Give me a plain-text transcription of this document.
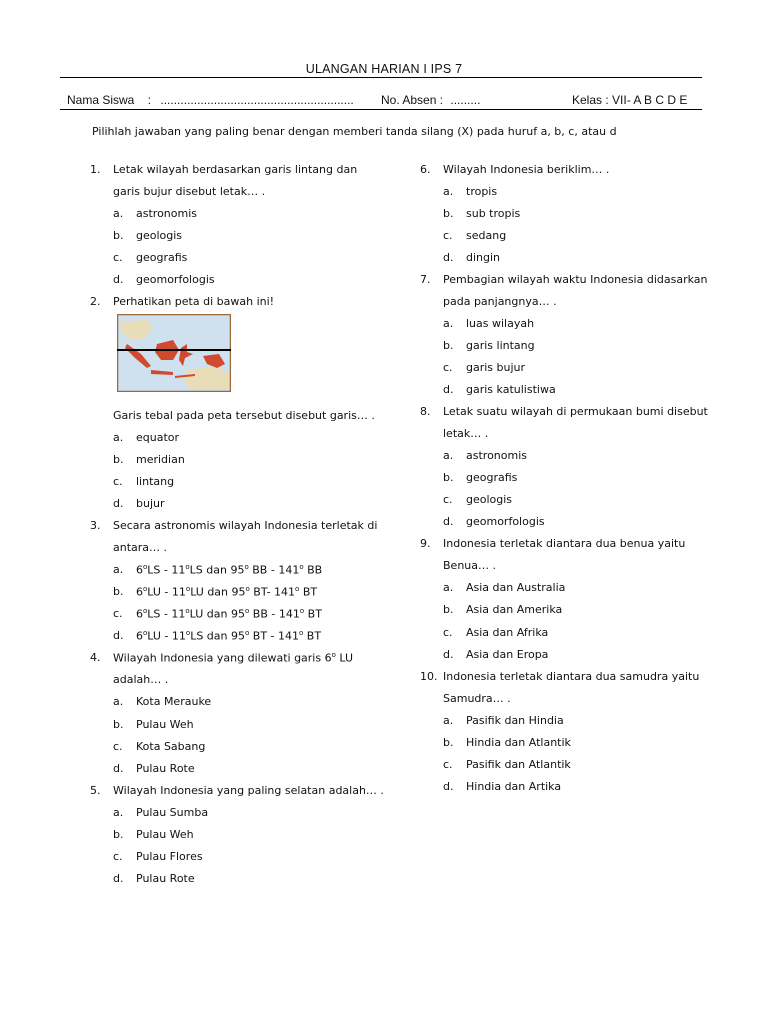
ULANGAN HARIAN I IPS 7
Nama Siswa : .......................................................... No. Absen : .........	Kelas : VII- A B C D E
Pilihlah jawaban yang paling benar dengan memberi tanda silang (X) pada huruf a, b, c, atau d
1.	Letak wilayah berdasarkan garis lintang dan
garis bujur disebut letak… .
a.	astronomis
b.	geologis
c.	geografis
d.	geomorfologis
2.	Perhatikan peta di bawah ini!
Garis tebal pada peta tersebut disebut garis… .
a.	equator
b.	meridian
c.	lintang
d.	bujur
3.	Secara astronomis wilayah Indonesia terletak di
antara… .
a.	6$^o$LS - 11$^o$LS dan 95$^o$ BB - 141$^o$ BB
b.	6$^o$LU - 11$^o$LU dan 95$^o$ BT- 141$^o$ BT
c.	6$^o$LS - 11$^o$LU dan 95$^o$ BB - 141$^o$ BT
d.	6$^o$LU - 11$^o$LS dan 95$^o$ BT - 141$^o$ BT
4.	Wilayah Indonesia yang dilewati garis 6$^o$ LU
adalah… .
a.	Kota Merauke
b.	Pulau Weh
c.	Kota Sabang
d.	Pulau Rote
5.	Wilayah Indonesia yang paling selatan adalah… .
a.	Pulau Sumba
b.	Pulau Weh
c.	Pulau Flores
d.	Pulau Rote
6.	Wilayah Indonesia beriklim… .
a.	tropis
b.	sub tropis
c.	sedang
d.	dingin
7.	Pembagian wilayah waktu Indonesia didasarkan
pada panjangnya… .
a.	luas wilayah
b.	garis lintang
c.	garis bujur
d.	garis katulistiwa
8.	Letak suatu wilayah di permukaan bumi disebut
letak… .
a.	astronomis
b.	geografis
c.	geologis
d.	geomorfologis
9.	Indonesia terletak diantara dua benua yaitu
Benua… .
a.	Asia dan Australia
b.	Asia dan Amerika
c.	Asia dan Afrika
d.	Asia dan Eropa
10. Indonesia terletak diantara dua samudra yaitu
Samudra… .
a.	Pasifik dan Hindia
b.	Hindia dan Atlantik
c.	Pasifik dan Atlantik
d.	Hindia dan Artika
